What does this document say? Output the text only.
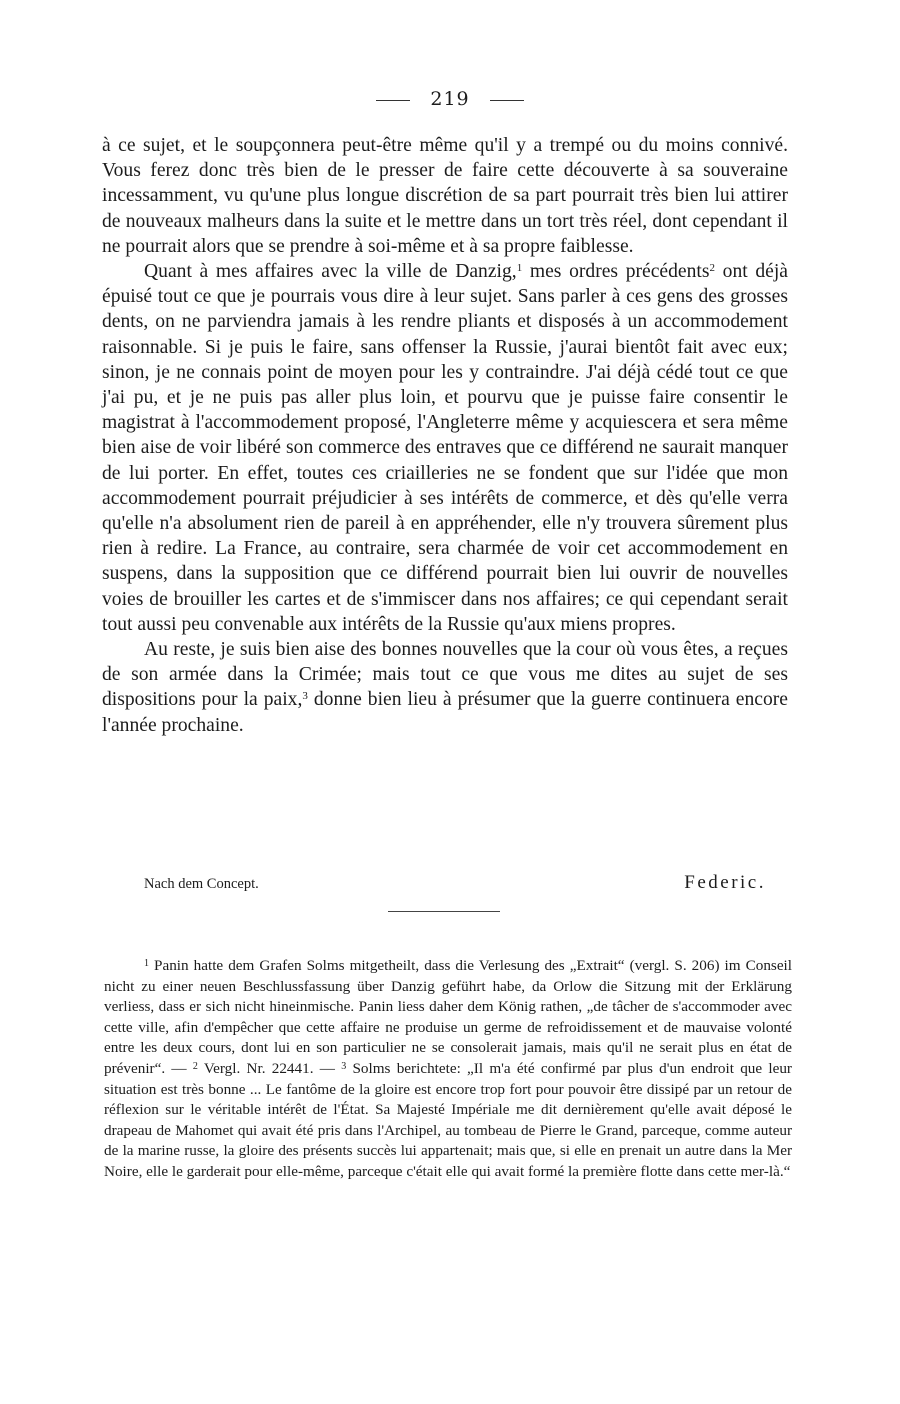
219

à ce sujet, et le soupçonnera peut-être même qu'il y a trempé ou du moins connivé. Vous ferez donc très bien de le presser de faire cette découverte à sa souveraine incessamment, vu qu'une plus longue discrétion de sa part pourrait très bien lui attirer de nouveaux malheurs dans la suite et le mettre dans un tort très réel, dont cependant il ne pourrait alors que se prendre à soi-même et à sa propre faiblesse.

Quant à mes affaires avec la ville de Danzig,$^1$ mes ordres précédents$^2$ ont déjà épuisé tout ce que je pourrais vous dire à leur sujet. Sans parler à ces gens des grosses dents, on ne parviendra jamais à les rendre pliants et disposés à un accommodement raisonnable. Si je puis le faire, sans offenser la Russie, j'aurai bientôt fait avec eux; sinon, je ne connais point de moyen pour les y contraindre. J'ai déjà cédé tout ce que j'ai pu, et je ne puis pas aller plus loin, et pourvu que je puisse faire consentir le magistrat à l'accommodement proposé, l'Angleterre même y acquiescera et sera même bien aise de voir libéré son commerce des entraves que ce différend ne saurait manquer de lui porter. En effet, toutes ces criailleries ne se fondent que sur l'idée que mon accommodement pourrait préjudicier à ses intérêts de commerce, et dès qu'elle verra qu'elle n'a absolument rien de pareil à en appréhender, elle n'y trouvera sûrement plus rien à redire. La France, au contraire, sera charmée de voir cet accommodement en suspens, dans la supposition que ce différend pourrait bien lui ouvrir de nouvelles voies de brouiller les cartes et de s'immiscer dans nos affaires; ce qui cependant serait tout aussi peu convenable aux intérêts de la Russie qu'aux miens propres.

Au reste, je suis bien aise des bonnes nouvelles que la cour où vous êtes, a reçues de son armée dans la Crimée; mais tout ce que vous me dites au sujet de ses dispositions pour la paix,$^3$ donne bien lieu à présumer que la guerre continuera encore l'année prochaine.

Nach dem Concept.	Federic.

$^1$ Panin hatte dem Grafen Solms mitgetheilt, dass die Verlesung des „Extrait“ (vergl. S. 206) im Conseil nicht zu einer neuen Beschlussfassung über Danzig geführt habe, da Orlow die Sitzung mit der Erklärung verliess, dass er sich nicht hineinmische. Panin liess daher dem König rathen, „de tâcher de s'accommoder avec cette ville, afin d'empêcher que cette affaire ne produise un germe de refroidissement et de mauvaise volonté entre les deux cours, dont lui en son particulier ne se consolerait jamais, mais qu'il ne serait plus en état de prévenir“. — $^2$ Vergl. Nr. 22441. — $^3$ Solms berichtete: „Il m'a été confirmé par plus d'un endroit que leur situation est très bonne ... Le fantôme de la gloire est encore trop fort pour pouvoir être dissipé par un retour de réflexion sur le véritable intérêt de l'État. Sa Majesté Impériale me dit dernièrement qu'elle avait déposé le drapeau de Mahomet qui avait été pris dans l'Archipel, au tombeau de Pierre le Grand, parceque, comme auteur de la marine russe, la gloire des présents succès lui appartenait; mais que, si elle en prenait un autre dans la Mer Noire, elle le garderait pour elle-même, parceque c'était elle qui avait formé la première flotte dans cette mer-là.“
